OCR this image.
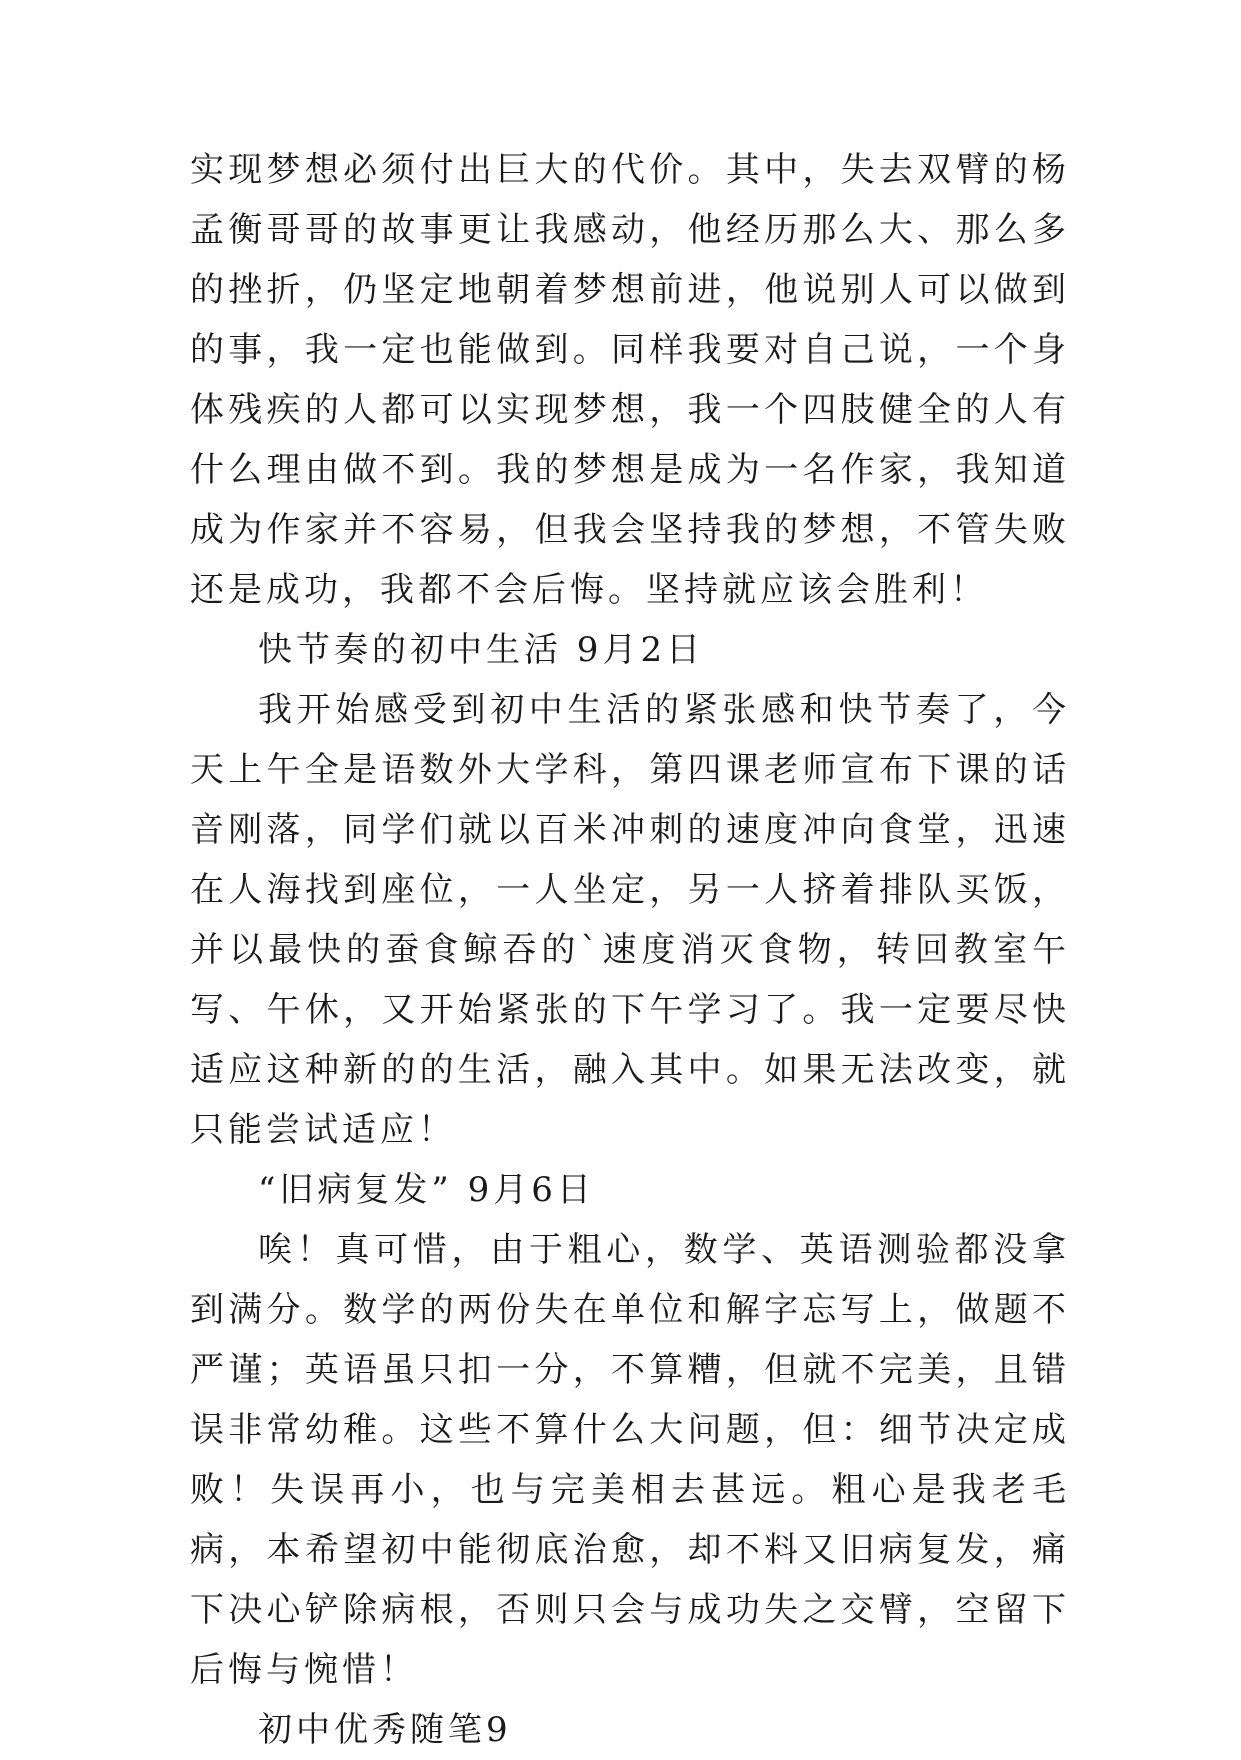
实现梦想必须付出巨大的代价。其中，失去双臂的杨孟衡哥哥的故事更让我感动，他经历那么大、那么多的挫折，仍坚定地朝着梦想前进，他说别人可以做到的事，我一定也能做到。同样我要对自己说，一个身体残疾的人都可以实现梦想，我一个四肢健全的人有什么理由做不到。我的梦想是成为一名作家，我知道成为作家并不容易，但我会坚持我的梦想，不管失败还是成功，我都不会后悔。坚持就应该会胜利！

快节奏的初中生活 9月2日

我开始感受到初中生活的紧张感和快节奏了，今天上午全是语数外大学科，第四课老师宣布下课的话音刚落，同学们就以百米冲刺的速度冲向食堂，迅速在人海找到座位，一人坐定，另一人挤着排队买饭，并以最快的蚕食鲸吞的`速度消灭食物，转回教室午写、午休，又开始紧张的下午学习了。我一定要尽快适应这种新的的生活，融入其中。如果无法改变，就只能尝试适应！

“旧病复发” 9月6日

唉！真可惜，由于粗心，数学、英语测验都没拿到满分。数学的两份失在单位和解字忘写上，做题不严谨；英语虽只扣一分，不算糟，但就不完美，且错误非常幼稚。这些不算什么大问题，但：细节决定成败！失误再小，也与完美相去甚远。粗心是我老毛病，本希望初中能彻底治愈，却不料又旧病复发，痛下决心铲除病根，否则只会与成功失之交臂，空留下后悔与惋惜！

初中优秀随笔9
